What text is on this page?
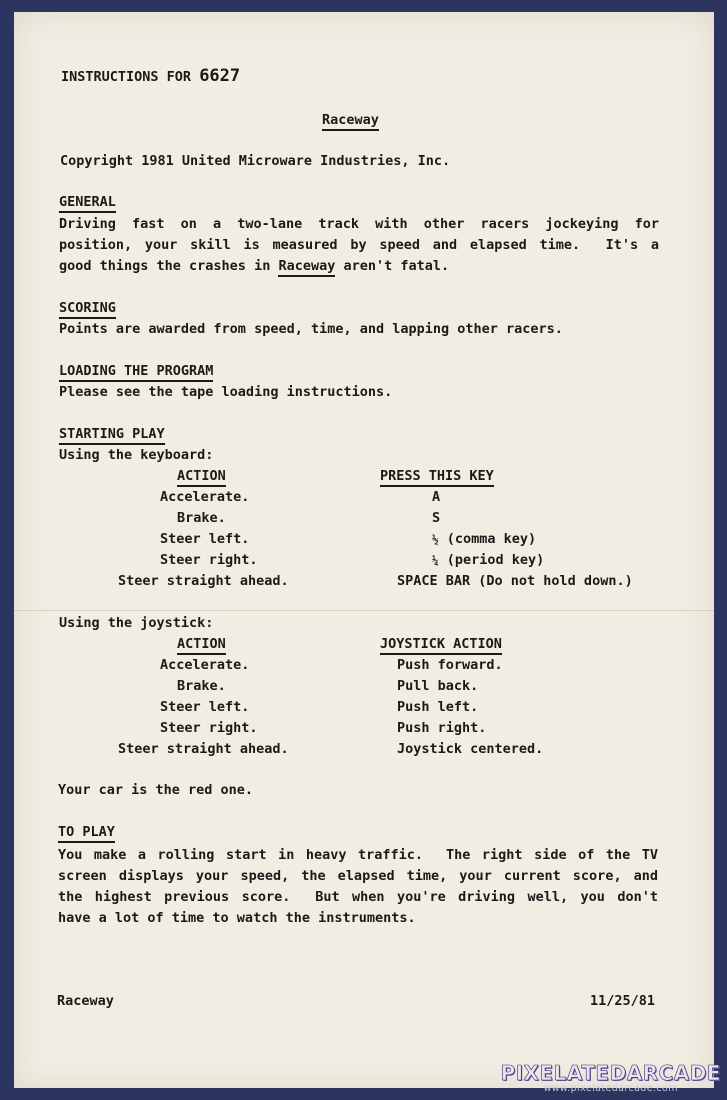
INSTRUCTIONS FOR 6627
Raceway
Copyright 1981 United Microware Industries, Inc.
GENERAL
Driving fast on a two-lane track with other racers jockeying for
position, your skill is measured by speed and elapsed time.  It's a
good things the crashes in Raceway aren't fatal.
SCORING
Points are awarded from speed, time, and lapping other racers.
LOADING THE PROGRAM
Please see the tape loading instructions.
STARTING PLAY
Using the keyboard:
ACTION	PRESS THIS KEY
Accelerate.	A
Brake.	S
Steer left.	½ (comma key)
Steer right.	¼ (period key)
Steer straight ahead.	SPACE BAR (Do not hold down.)
Using the joystick:
ACTION	JOYSTICK ACTION
Accelerate.	Push forward.
Brake.	Pull back.
Steer left.	Push left.
Steer right.	Push right.
Steer straight ahead.	Joystick centered.
Your car is the red one.
TO PLAY
You make a rolling start in heavy traffic.  The right side of the TV
screen displays your speed, the elapsed time, your current score, and
the highest previous score.  But when you're driving well, you don't
have a lot of time to watch the instruments.
Raceway	11/25/81
PIXELATEDARCADE
www.pixelatedarcade.com
